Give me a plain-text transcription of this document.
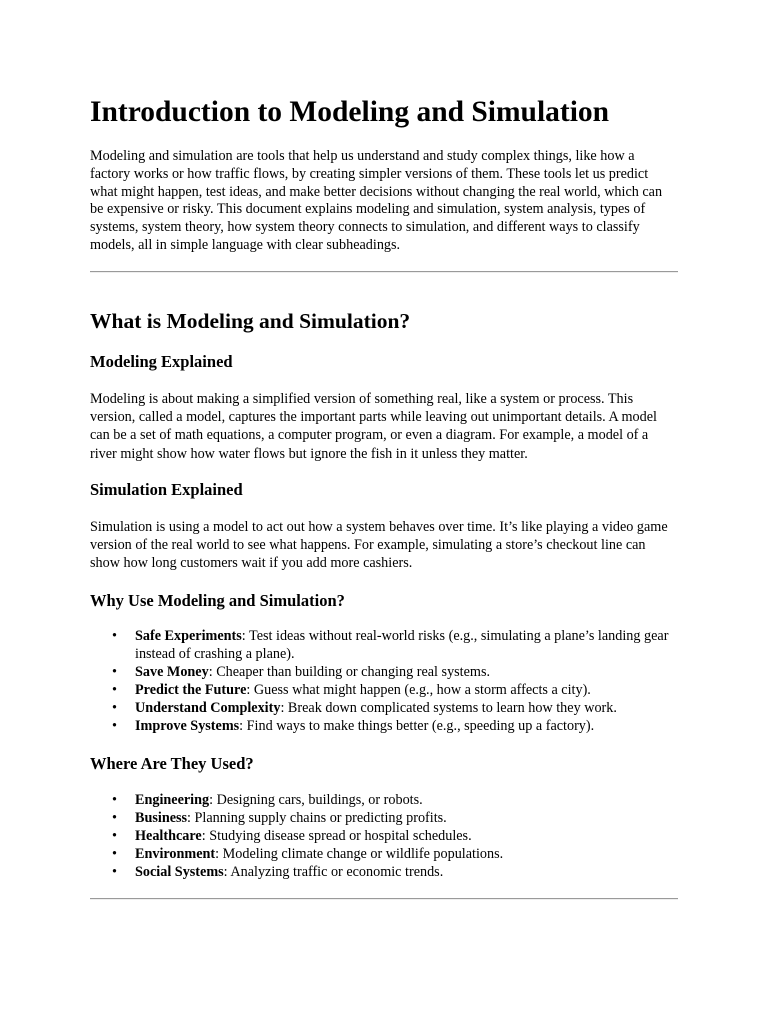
Introduction to Modeling and Simulation

Modeling and simulation are tools that help us understand and study complex things, like how a factory works or how traffic flows, by creating simpler versions of them. These tools let us predict what might happen, test ideas, and make better decisions without changing the real world, which can be expensive or risky. This document explains modeling and simulation, system analysis, types of systems, system theory, how system theory connects to simulation, and different ways to classify models, all in simple language with clear subheadings.

What is Modeling and Simulation?
Modeling Explained

Modeling is about making a simplified version of something real, like a system or process. This version, called a model, captures the important parts while leaving out unimportant details. A model can be a set of math equations, a computer program, or even a diagram. For example, a model of a river might show how water flows but ignore the fish in it unless they matter.

Simulation Explained

Simulation is using a model to act out how a system behaves over time. It’s like playing a video game version of the real world to see what happens. For example, simulating a store’s checkout line can show how long customers wait if you add more cashiers.

Why Use Modeling and Simulation?
• Safe Experiments: Test ideas without real-world risks (e.g., simulating a plane’s landing gear instead of crashing a plane).
• Save Money: Cheaper than building or changing real systems.
• Predict the Future: Guess what might happen (e.g., how a storm affects a city).
• Understand Complexity: Break down complicated systems to learn how they work.
• Improve Systems: Find ways to make things better (e.g., speeding up a factory).
Where Are They Used?
• Engineering: Designing cars, buildings, or robots.
• Business: Planning supply chains or predicting profits.
• Healthcare: Studying disease spread or hospital schedules.
• Environment: Modeling climate change or wildlife populations.
• Social Systems: Analyzing traffic or economic trends.
